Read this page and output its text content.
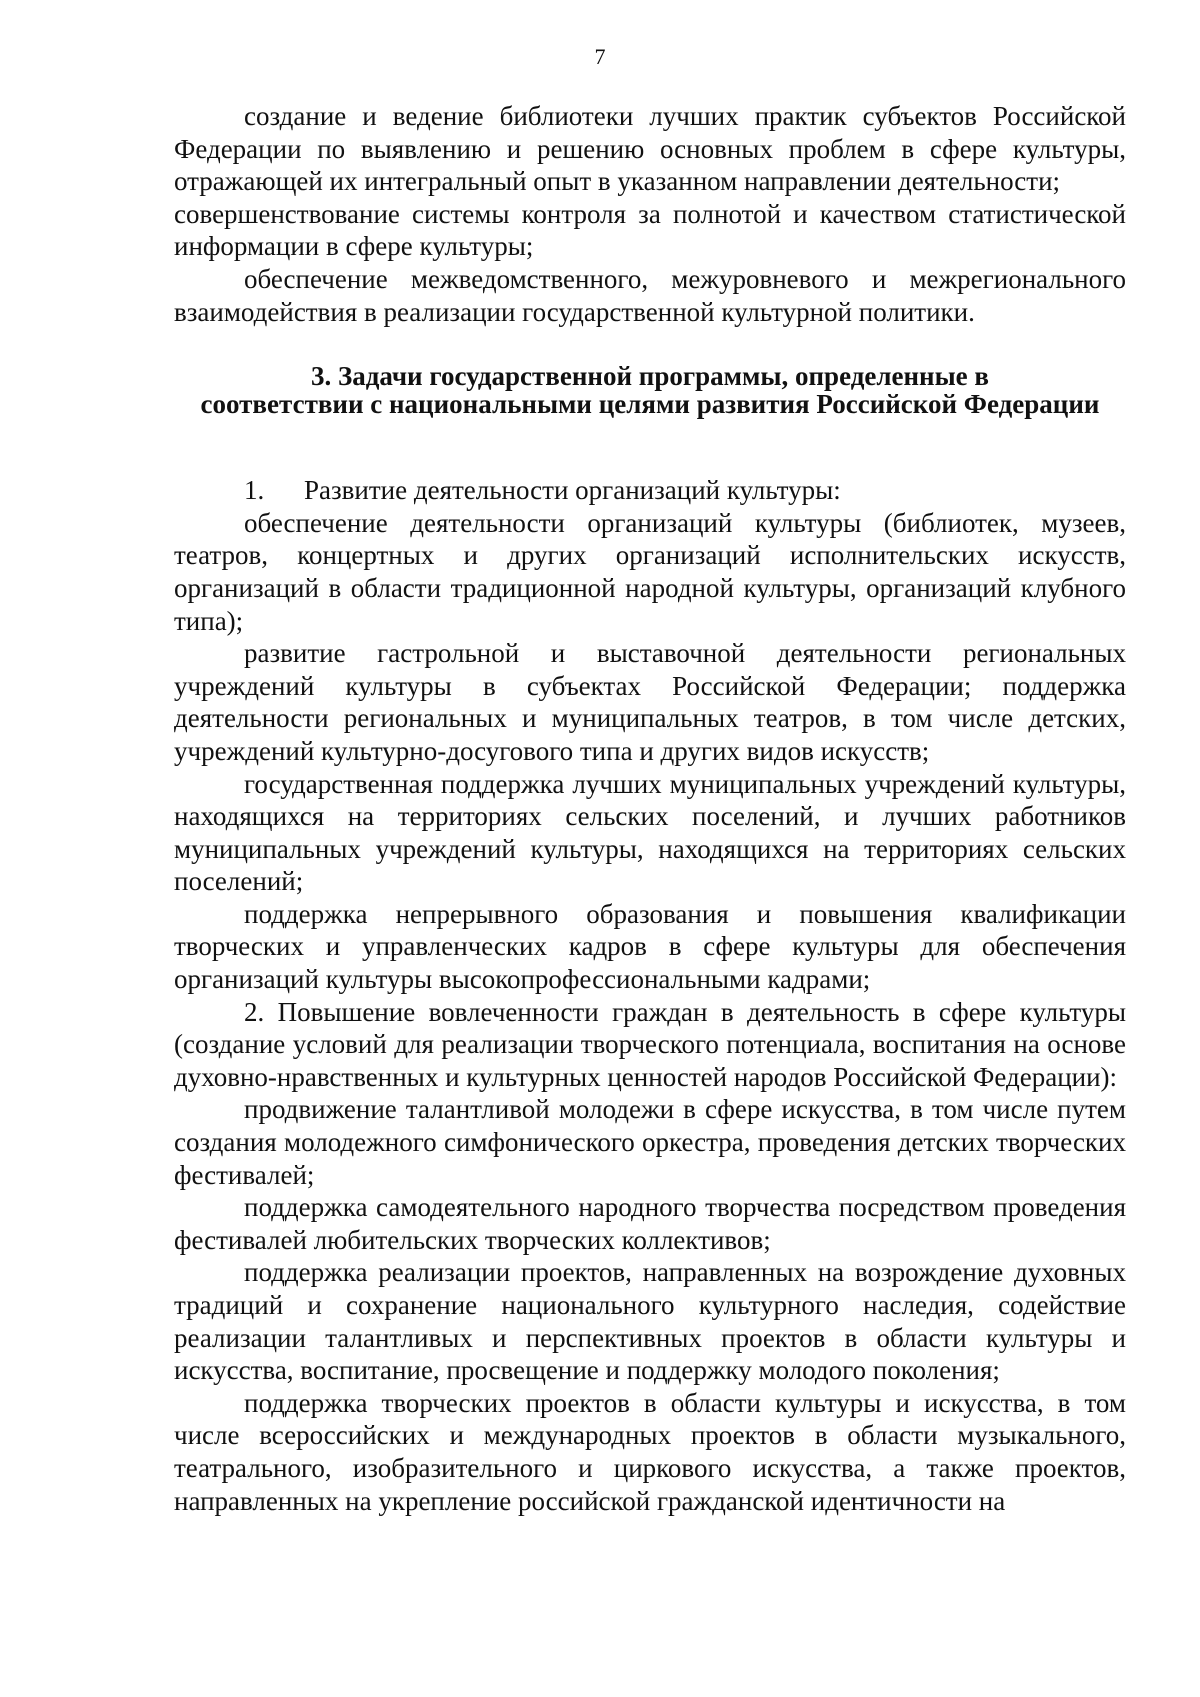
7

создание и ведение библиотеки лучших практик субъектов Российской Федерации по выявлению и решению основных проблем в сфере культуры, отражающей их интегральный опыт в указанном направлении деятельности;

совершенствование системы контроля за полнотой и качеством статистической информации в сфере культуры;

обеспечение межведомственного, межуровневого и межрегионального взаимодействия в реализации государственной культурной политики.

3. Задачи государственной программы, определенные в
соответствии с национальными целями развития Российской Федерации
1.	Развитие деятельности организаций культуры:

обеспечение деятельности организаций культуры (библиотек, музеев, театров, концертных и других организаций исполнительских искусств, организаций в области традиционной народной культуры, организаций клубного типа);

развитие гастрольной и выставочной деятельности региональных учреждений культуры в субъектах Российской Федерации; поддержка деятельности региональных и муниципальных театров, в том числе детских, учреждений культурно-досугового типа и других видов искусств;

государственная поддержка лучших муниципальных учреждений культуры, находящихся на территориях сельских поселений, и лучших работников муниципальных учреждений культуры, находящихся на территориях сельских поселений;

поддержка непрерывного образования и повышения квалификации творческих и управленческих кадров в сфере культуры для обеспечения организаций культуры высокопрофессиональными кадрами;

2. Повышение вовлеченности граждан в деятельность в сфере культуры (создание условий для реализации творческого потенциала, воспитания на основе духовно-нравственных и культурных ценностей народов Российской Федерации):

продвижение талантливой молодежи в сфере искусства, в том числе путем создания молодежного симфонического оркестра, проведения детских творческих фестивалей;

поддержка самодеятельного народного творчества посредством проведения фестивалей любительских творческих коллективов;

поддержка реализации проектов, направленных на возрождение духовных традиций и сохранение национального культурного наследия, содействие реализации талантливых и перспективных проектов в области культуры и искусства, воспитание, просвещение и поддержку молодого поколения;

поддержка творческих проектов в области культуры и искусства, в том числе всероссийских и международных проектов в области музыкального, театрального, изобразительного и циркового искусства, а также проектов, направленных на укрепление российской гражданской идентичности на
